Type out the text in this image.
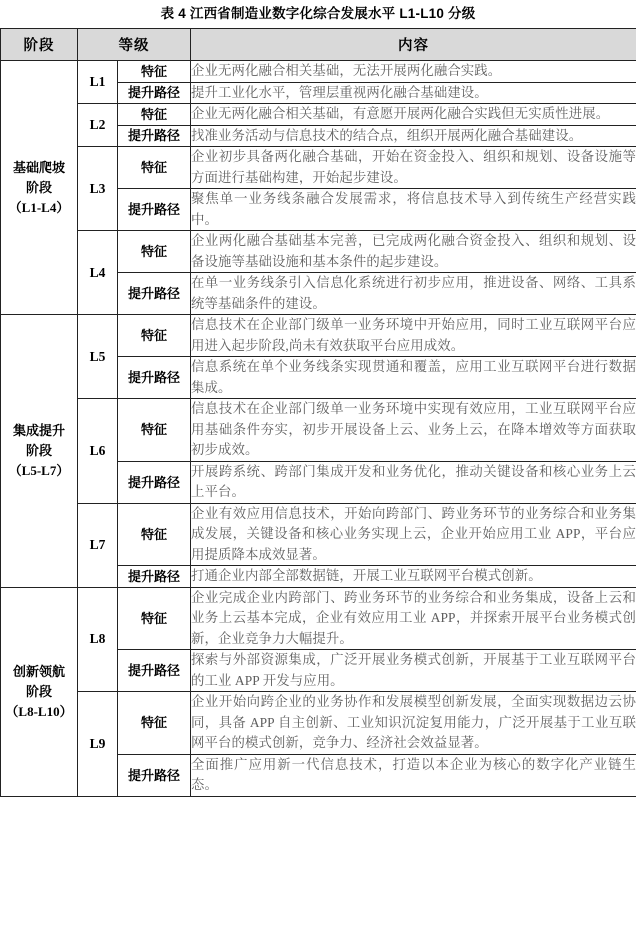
表 4 江西省制造业数字化综合发展水平 L1-L10 分级
阶段	等级		内容

基础爬坡
阶段
（L1-L4）	L1	特征	企业无两化融合相关基础，无法开展两化融合实践。
		提升路径	提升工业化水平，管理层重视两化融合基础建设。
	L2	特征	企业无两化融合相关基础，有意愿开展两化融合实践但无实质性进展。
		提升路径	找准业务活动与信息技术的结合点，组织开展两化融合基础建设。
	L3	特征	企业初步具备两化融合基础，开始在资金投入、组织和规划、设备设施等方面进行基础构建，开始起步建设。
		提升路径	聚焦单一业务线条融合发展需求，将信息技术导入到传统生产经营实践中。
	L4	特征	企业两化融合基础基本完善，已完成两化融合资金投入、组织和规划、设备设施等基础设施和基本条件的起步建设。
		提升路径	在单一业务线条引入信息化系统进行初步应用，推进设备、网络、工具系统等基础条件的建设。

集成提升
阶段
（L5-L7）	L5	特征	信息技术在企业部门级单一业务环境中开始应用，同时工业互联网平台应用进入起步阶段,尚未有效获取平台应用成效。
		提升路径	信息系统在单个业务线条实现贯通和覆盖，应用工业互联网平台进行数据集成。
	L6	特征	信息技术在企业部门级单一业务环境中实现有效应用，工业互联网平台应用基础条件夯实，初步开展设备上云、业务上云，在降本增效等方面获取初步成效。
		提升路径	开展跨系统、跨部门集成开发和业务优化，推动关键设备和核心业务上云上平台。
	L7	特征	企业有效应用信息技术，开始向跨部门、跨业务环节的业务综合和业务集成发展，关键设备和核心业务实现上云，企业开始应用工业 APP，平台应用提质降本成效显著。
		提升路径	打通企业内部全部数据链，开展工业互联网平台模式创新。

创新领航
阶段
（L8-L10）	L8	特征	企业完成企业内跨部门、跨业务环节的业务综合和业务集成，设备上云和业务上云基本完成，企业有效应用工业 APP，并探索开展平台业务模式创新，企业竞争力大幅提升。
		提升路径	探索与外部资源集成，广泛开展业务模式创新，开展基于工业互联网平台的工业 APP 开发与应用。
	L9	特征	企业开始向跨企业的业务协作和发展模型创新发展，全面实现数据边云协同，具备 APP 自主创新、工业知识沉淀复用能力，广泛开展基于工业互联网平台的模式创新，竞争力、经济社会效益显著。
		提升路径	全面推广应用新一代信息技术，打造以本企业为核心的数字化产业链生态。
